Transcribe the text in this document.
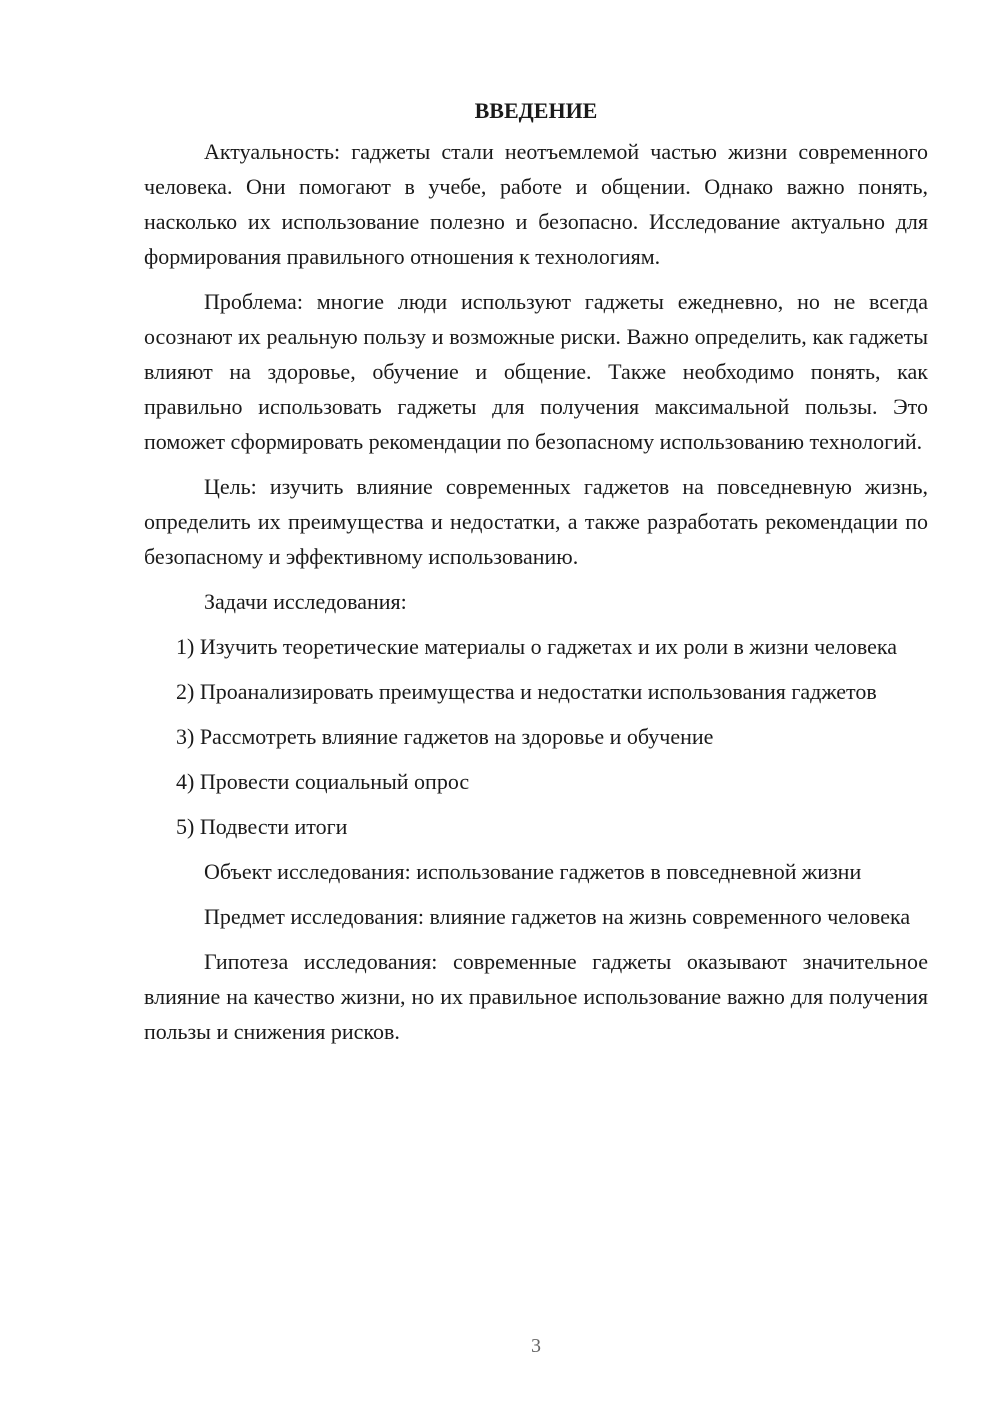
ВВЕДЕНИЕ

Актуальность: гаджеты стали неотъемлемой частью жизни современного человека. Они помогают в учебе, работе и общении. Однако важно понять, насколько их использование полезно и безопасно. Исследование актуально для формирования правильного отношения к технологиям.

Проблема: многие люди используют гаджеты ежедневно, но не всегда осознают их реальную пользу и возможные риски. Важно определить, как гаджеты влияют на здоровье, обучение и общение. Также необходимо понять, как правильно использовать гаджеты для получения максимальной пользы. Это поможет сформировать рекомендации по безопасному использованию технологий.

Цель: изучить влияние современных гаджетов на повседневную жизнь, определить их преимущества и недостатки, а также разработать рекомендации по безопасному и эффективному использованию.

Задачи исследования:

1) Изучить теоретические материалы о гаджетах и их роли в жизни человека

2) Проанализировать преимущества и недостатки использования гаджетов

3) Рассмотреть влияние гаджетов на здоровье и обучение

4) Провести социальный опрос

5) Подвести итоги

Объект исследования: использование гаджетов в повседневной жизни

Предмет исследования: влияние гаджетов на жизнь современного человека

Гипотеза исследования: современные гаджеты оказывают значительное влияние на качество жизни, но их правильное использование важно для получения пользы и снижения рисков.

3
